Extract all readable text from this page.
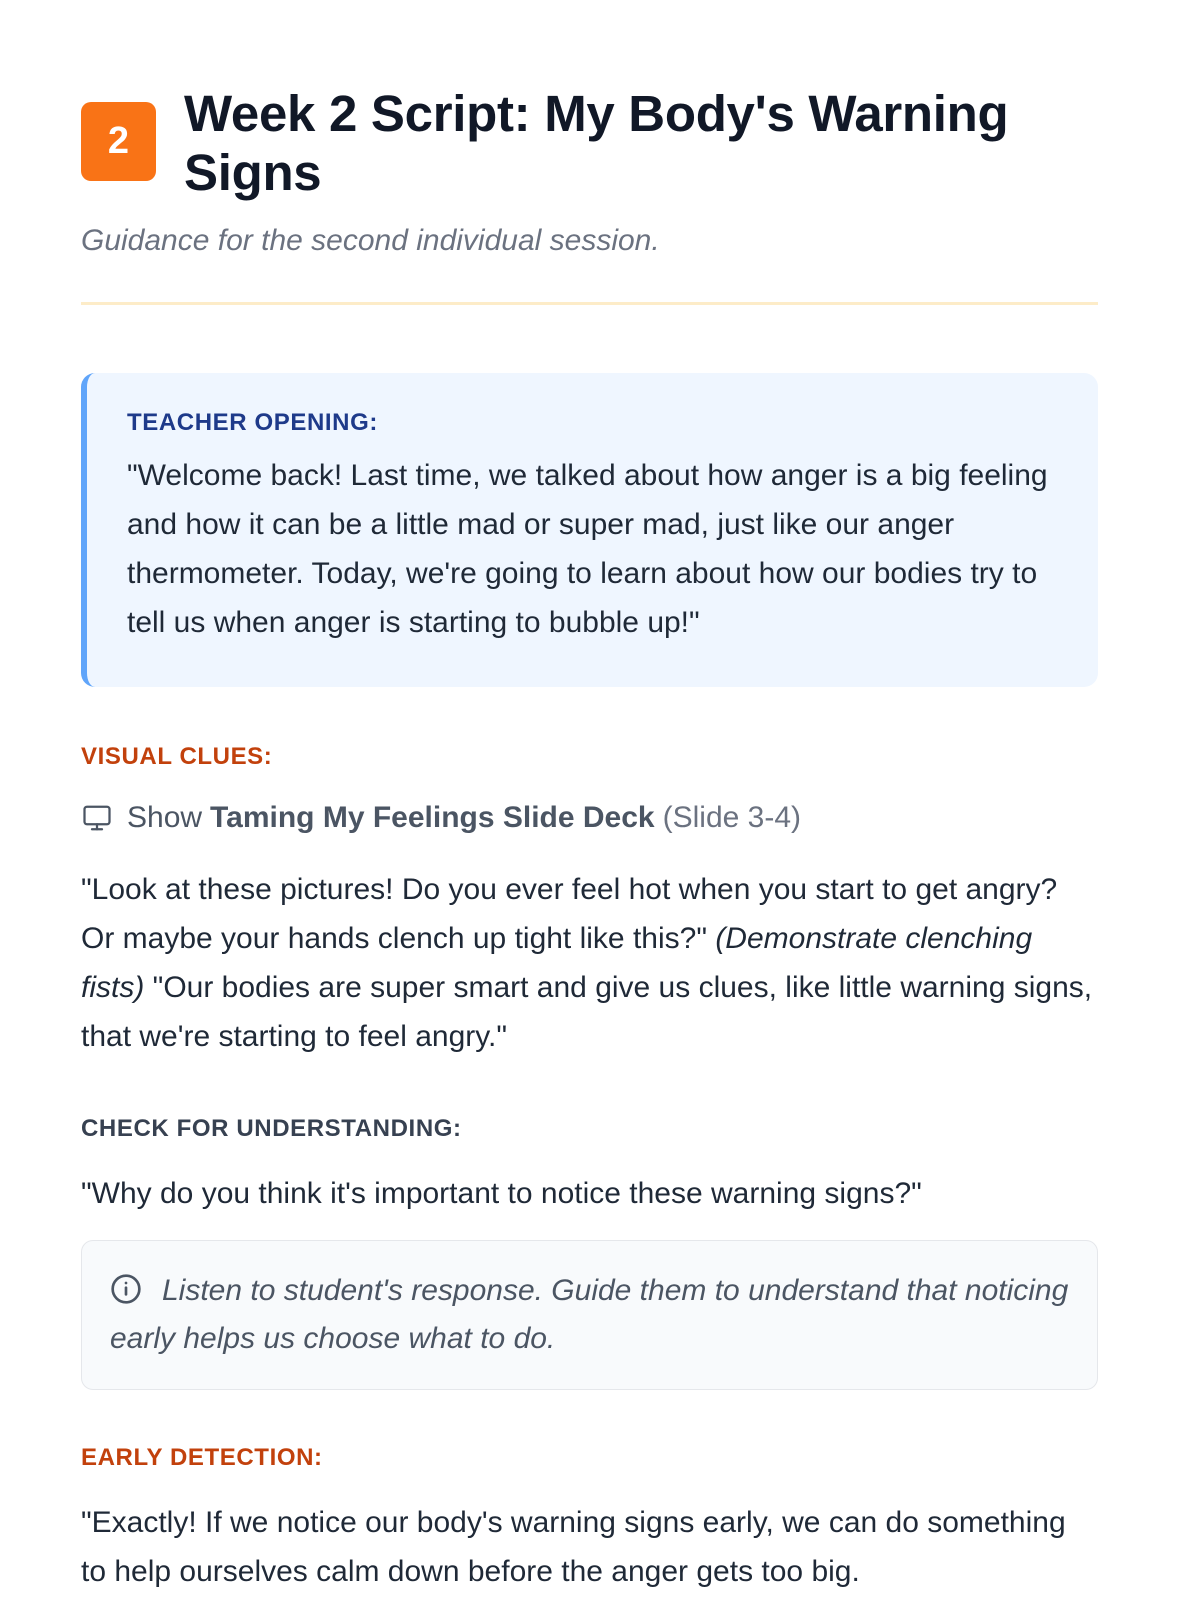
2	Week 2 Script: My Body's Warning Signs

Guidance for the second individual session.

TEACHER OPENING:
"Welcome back! Last time, we talked about how anger is a big feeling and how it can be a little mad or super mad, just like our anger thermometer. Today, we're going to learn about how our bodies try to tell us when anger is starting to bubble up!"
VISUAL CLUES:
Show Taming My Feelings Slide Deck (Slide 3-4)
"Look at these pictures! Do you ever feel hot when you start to get angry? Or maybe your hands clench up tight like this?" (Demonstrate clenching fists) "Our bodies are super smart and give us clues, like little warning signs, that we're starting to feel angry."
CHECK FOR UNDERSTANDING:
"Why do you think it's important to notice these warning signs?"
Listen to student's response. Guide them to understand that noticing early helps us choose what to do.
EARLY DETECTION:
"Exactly! If we notice our body's warning signs early, we can do something to help ourselves calm down before the anger gets too big.
